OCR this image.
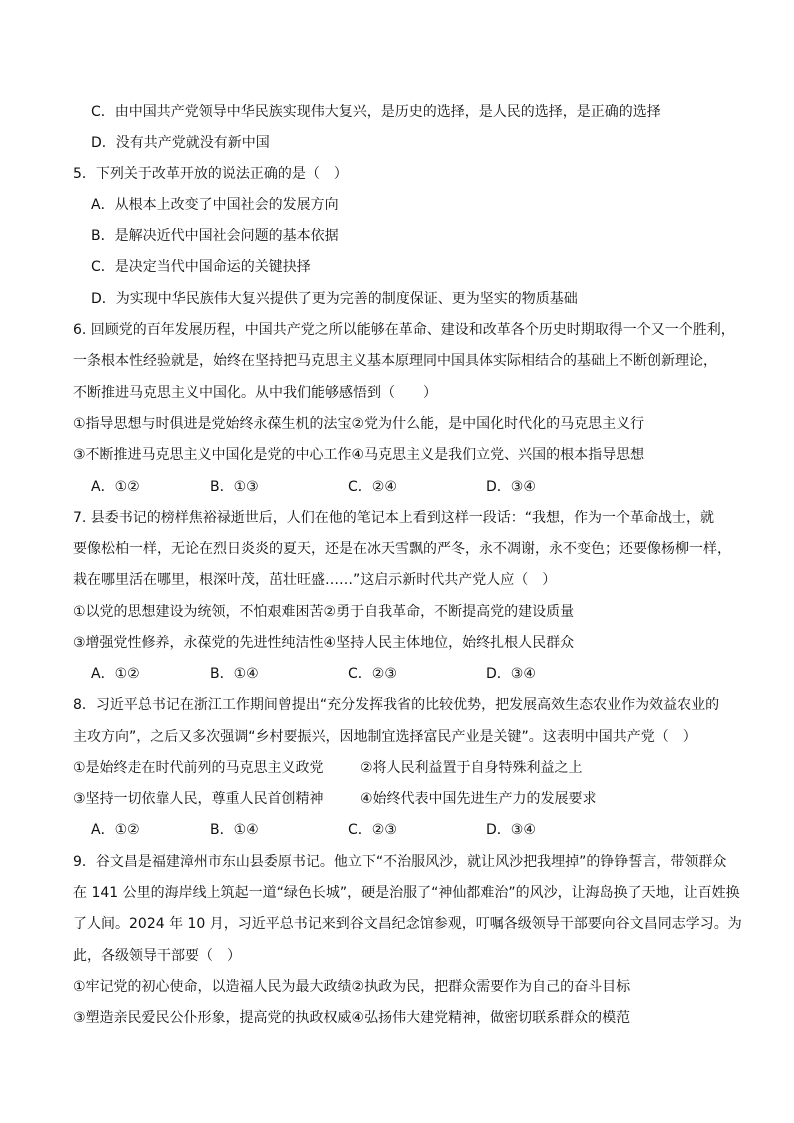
C．由中国共产党领导中华民族实现伟大复兴，是历史的选择，是人民的选择，是正确的选择
D．没有共产党就没有新中国
5．下列关于改革开放的说法正确的是（　）
A．从根本上改变了中国社会的发展方向
B．是解决近代中国社会问题的基本依据
C．是决定当代中国命运的关键抉择
D．为实现中华民族伟大复兴提供了更为完善的制度保证、更为坚实的物质基础
6. 回顾党的百年发展历程，中国共产党之所以能够在革命、建设和改革各个历史时期取得一个又一个胜利，
一条根本性经验就是，始终在坚持把马克思主义基本原理同中国具体实际相结合的基础上不断创新理论，
不断推进马克思主义中国化。从中我们能够感悟到（　　）
①指导思想与时俱进是党始终永葆生机的法宝②党为什么能，是中国化时代化的马克思主义行
③不断推进马克思主义中国化是党的中心工作④马克思主义是我们立党、兴国的根本指导思想
A．①②	B．①③	C．②④	D．③④
7. 县委书记的榜样焦裕禄逝世后，人们在他的笔记本上看到这样一段话：“我想，作为一个革命战士，就
要像松柏一样，无论在烈日炎炎的夏天，还是在冰天雪飘的严冬，永不凋谢，永不变色；还要像杨柳一样，
栽在哪里活在哪里，根深叶茂，茁壮旺盛……”这启示新时代共产党人应（　）
①以党的思想建设为统领，不怕艰难困苦②勇于自我革命，不断提高党的建设质量
③增强党性修养，永葆党的先进性纯洁性④坚持人民主体地位，始终扎根人民群众
A．①②	B．①④	C．②③	D．③④
8．习近平总书记在浙江工作期间曾提出“充分发挥我省的比较优势，把发展高效生态农业作为效益农业的
主攻方向”，之后又多次强调“乡村要振兴，因地制宜选择富民产业是关键”。这表明中国共产党（　）
①是始终走在时代前列的马克思主义政党	②将人民利益置于自身特殊利益之上
③坚持一切依靠人民，尊重人民首创精神	④始终代表中国先进生产力的发展要求
A．①②	B．①④	C．②③	D．③④
9．谷文昌是福建漳州市东山县委原书记。他立下“不治服风沙，就让风沙把我埋掉”的铮铮誓言，带领群众
在 141 公里的海岸线上筑起一道“绿色长城”，硬是治服了“神仙都难治”的风沙，让海岛换了天地，让百姓换
了人间。2024 年 10 月，习近平总书记来到谷文昌纪念馆参观，叮嘱各级领导干部要向谷文昌同志学习。为
此，各级领导干部要（　）
①牢记党的初心使命，以造福人民为最大政绩②执政为民，把群众需要作为自己的奋斗目标
③塑造亲民爱民公仆形象，提高党的执政权威④弘扬伟大建党精神，做密切联系群众的模范
